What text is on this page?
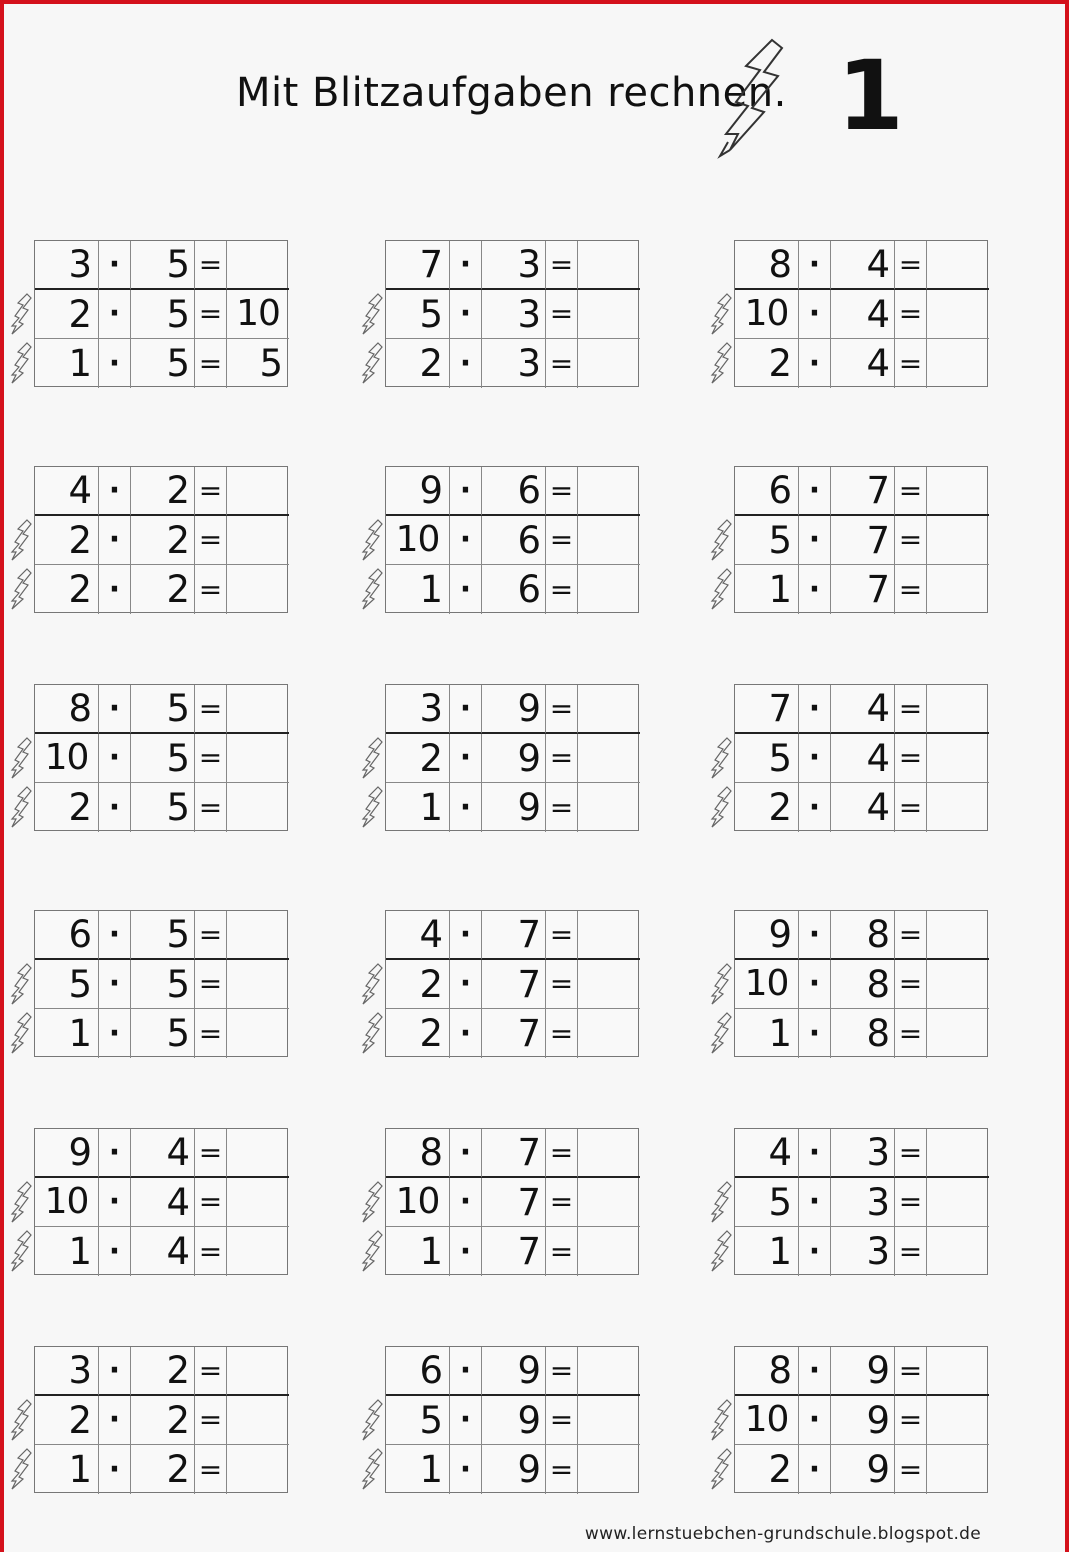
Mit Blitzaufgaben rechnen. 1
3 ·	5 =
2 ·	5 = 10
1 ·	5 =	5
7 ·	3 =
5 ·	3 =
2 ·	3 =
8 ·	4 =
10 ·	4 =
2 ·	4 =
4 ·	2 =
2 ·	2 =
2 ·	2 =
9 ·	6 =
10 ·	6 =
1 ·	6 =
6 ·	7 =
5 ·	7 =
1 ·	7 =
8 ·	5 =
10 ·	5 =
2 ·	5 =
3 ·	9 =
2 ·	9 =
1 ·	9 =
7 ·	4 =
5 ·	4 =
2 ·	4 =
6 ·	5 =
5 ·	5 =
1 ·	5 =
4 ·	7 =
2 ·	7 =
2 ·	7 =
9 ·	8 =
10 ·	8 =
1 ·	8 =
9 ·	4 =
10 ·	4 =
1 ·	4 =
8 ·	7 =
10 ·	7 =
1 ·	7 =
4 ·	3 =
5 ·	3 =
1 ·	3 =
3 ·	2 =
2 ·	2 =
1 ·	2 =
6 ·	9 =
5 ·	9 =
1 ·	9 =
8 ·	9 =
10 ·	9 =
2 ·	9 =
www.lernstuebchen-grundschule.blogspot.de
